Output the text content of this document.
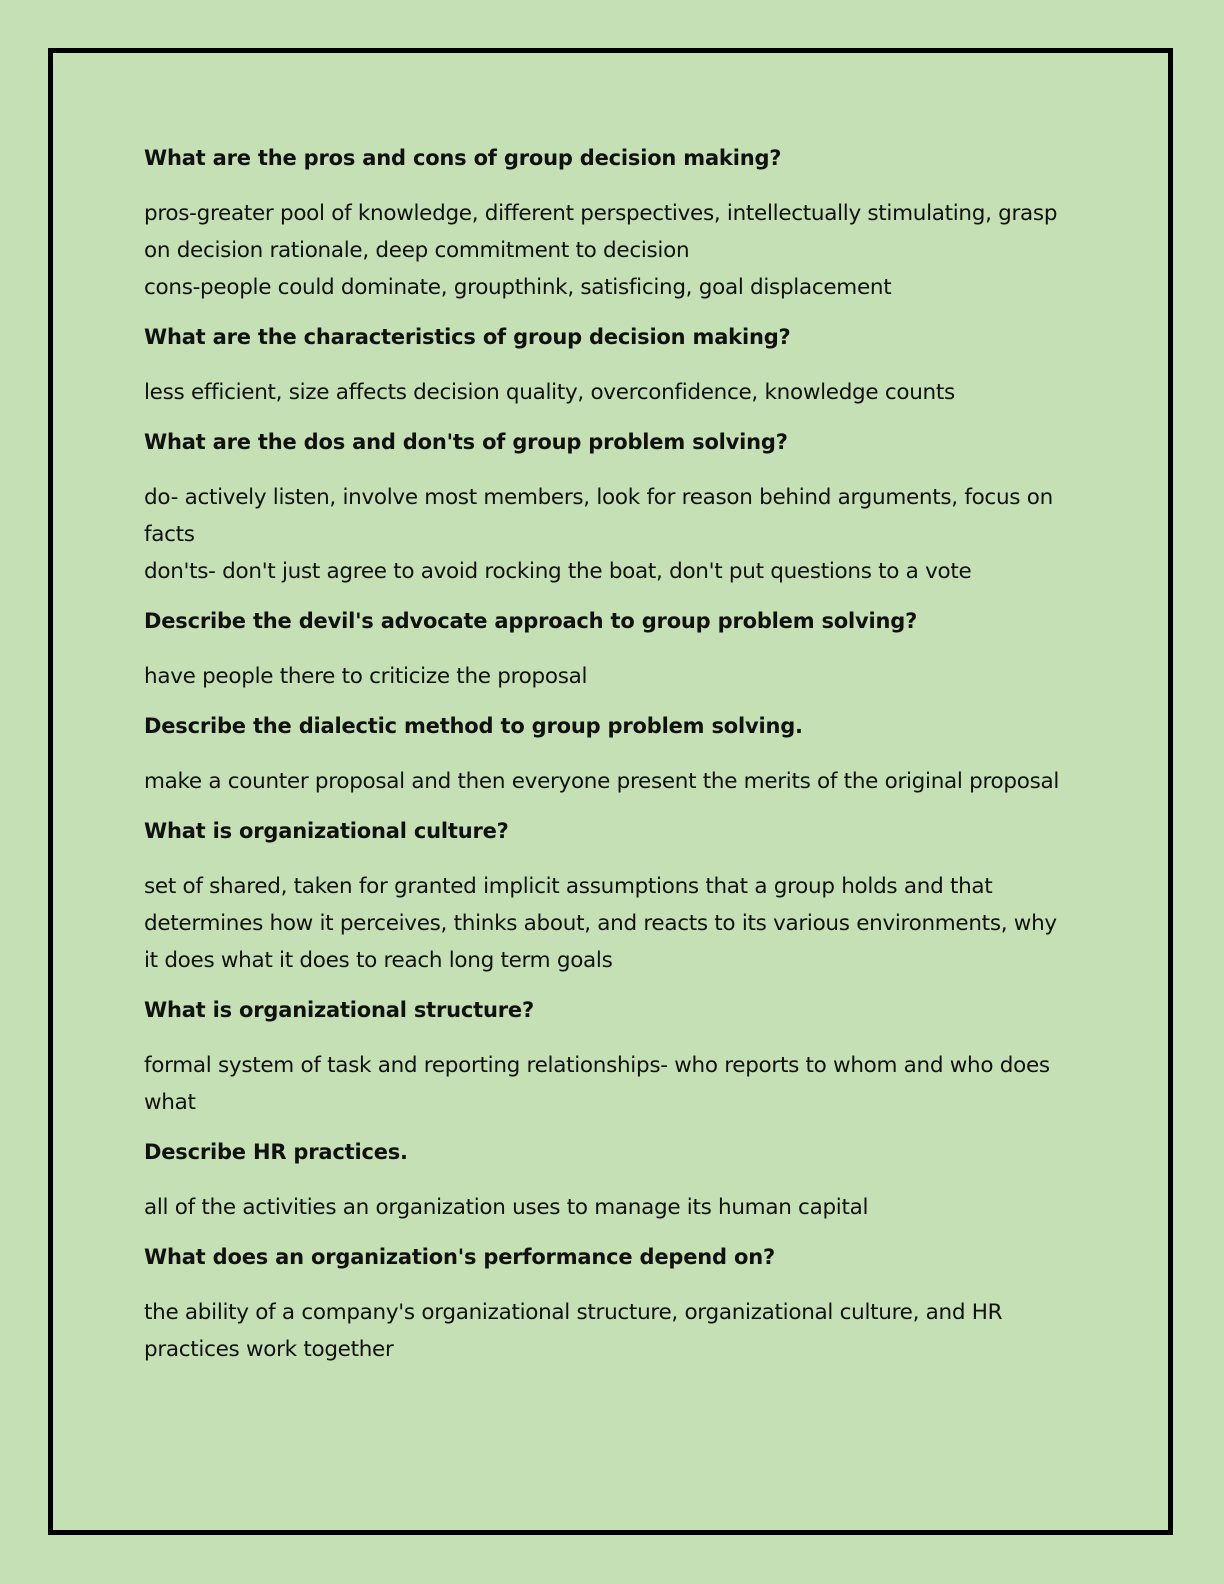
What are the pros and cons of group decision making?

pros-greater pool of knowledge, different perspectives, intellectually stimulating, grasp on decision rationale, deep commitment to decision
cons-people could dominate, groupthink, satisficing, goal displacement

What are the characteristics of group decision making?

less efficient, size affects decision quality, overconfidence, knowledge counts

What are the dos and don'ts of group problem solving?

do- actively listen, involve most members, look for reason behind arguments, focus on facts
don'ts- don't just agree to avoid rocking the boat, don't put questions to a vote

Describe the devil's advocate approach to group problem solving?

have people there to criticize the proposal

Describe the dialectic method to group problem solving.

make a counter proposal and then everyone present the merits of the original proposal

What is organizational culture?

set of shared, taken for granted implicit assumptions that a group holds and that determines how it perceives, thinks about, and reacts to its various environments, why it does what it does to reach long term goals

What is organizational structure?

formal system of task and reporting relationships- who reports to whom and who does what

Describe HR practices.

all of the activities an organization uses to manage its human capital

What does an organization's performance depend on?

the ability of a company's organizational structure, organizational culture, and HR practices work together
